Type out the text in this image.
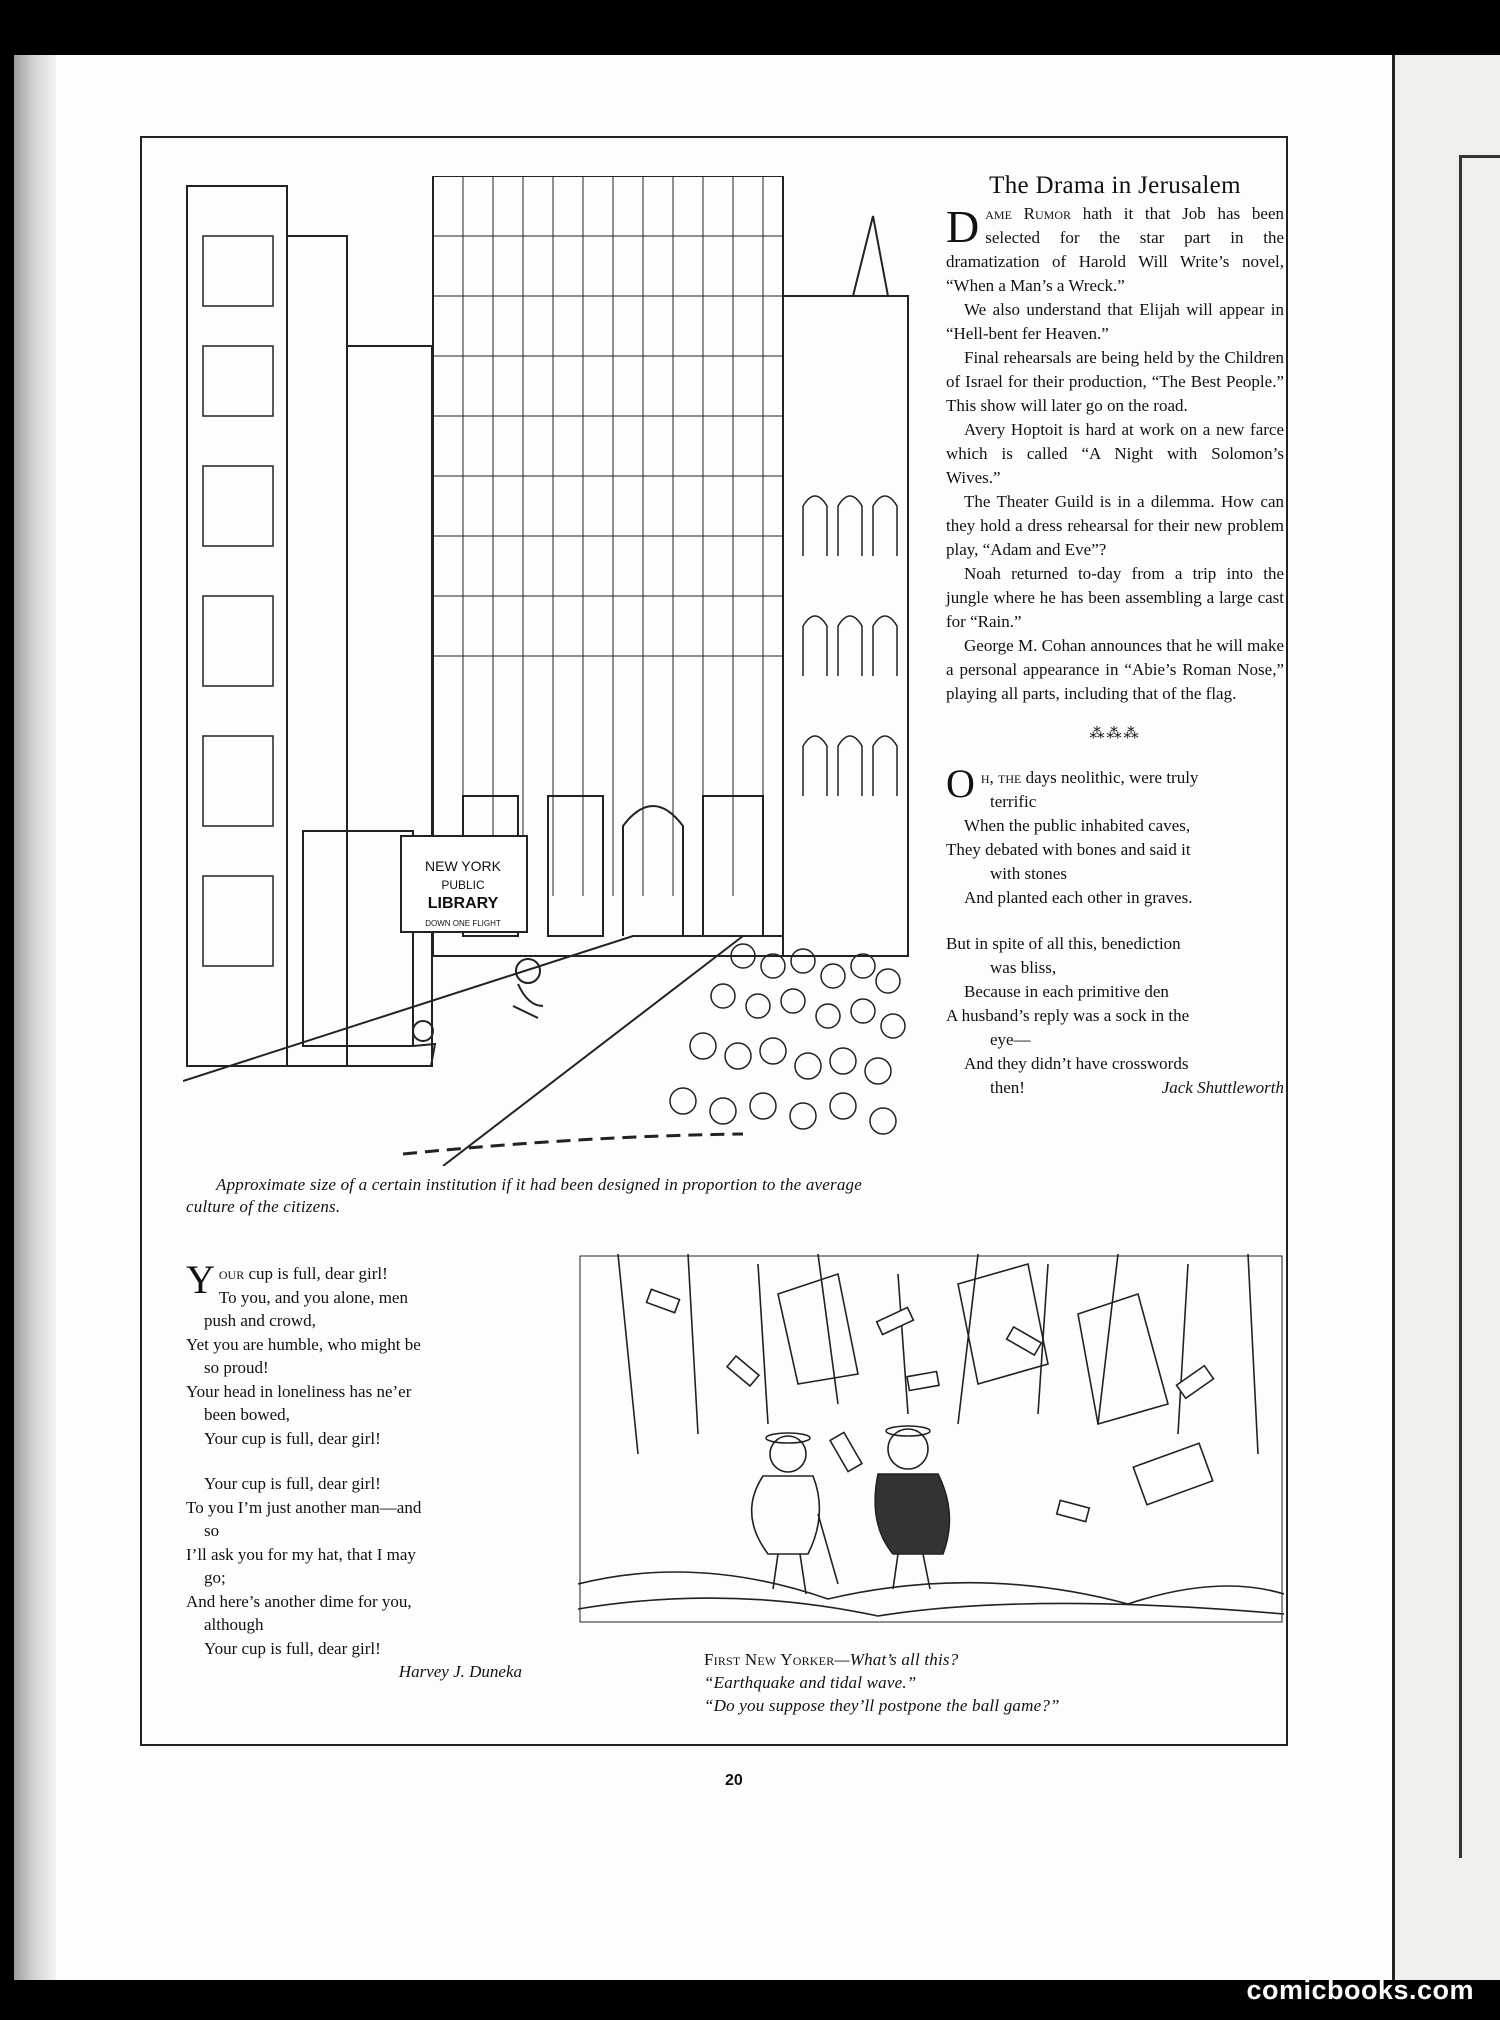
NEW YORK
PUBLIC
LIBRARY
DOWN ONE FLIGHT
Approximate size of a certain institution if it had been designed in proportion to the average culture of the citizens.
The Drama in Jerusalem

Dame Rumor hath it that Job has been selected for the star part in the dramatization of Harold Will Write’s novel, “When a Man’s a Wreck.”

We also understand that Elijah will appear in “Hell-bent fer Heaven.”

Final rehearsals are being held by the Children of Israel for their production, “The Best People.” This show will later go on the road.

Avery Hoptoit is hard at work on a new farce which is called “A Night with Solomon’s Wives.”

The Theater Guild is in a dilemma. How can they hold a dress rehearsal for their new problem play, “Adam and Eve”?

Noah returned to-day from a trip into the jungle where he has been assembling a large cast for “Rain.”

George M. Cohan announces that he will make a personal appearance in “Abie’s Roman Nose,” playing all parts, including that of the flag.

⁂⁂⁂

Oh, the days neolithic, were truly

terrific

When the public inhabited caves,

They debated with bones and said it

with stones

And planted each other in graves.

But in spite of all this, benediction

was bliss,

Because in each primitive den

A husband’s reply was a sock in the

eye—

And they didn’t have crosswords

then!	Jack Shuttleworth

Your cup is full, dear girl!

To you, and you alone, men

push and crowd,

Yet you are humble, who might be

so proud!

Your head in loneliness has ne’er

been bowed,

Your cup is full, dear girl!

Your cup is full, dear girl!

To you I’m just another man—and

so

I’ll ask you for my hat, that I may

go;

And here’s another dime for you,

although

Your cup is full, dear girl!

Harvey J. Duneka

First New Yorker—What’s all this?
“Earthquake and tidal wave.”
“Do you suppose they’ll postpone the ball game?”
20
comicbooks.com
